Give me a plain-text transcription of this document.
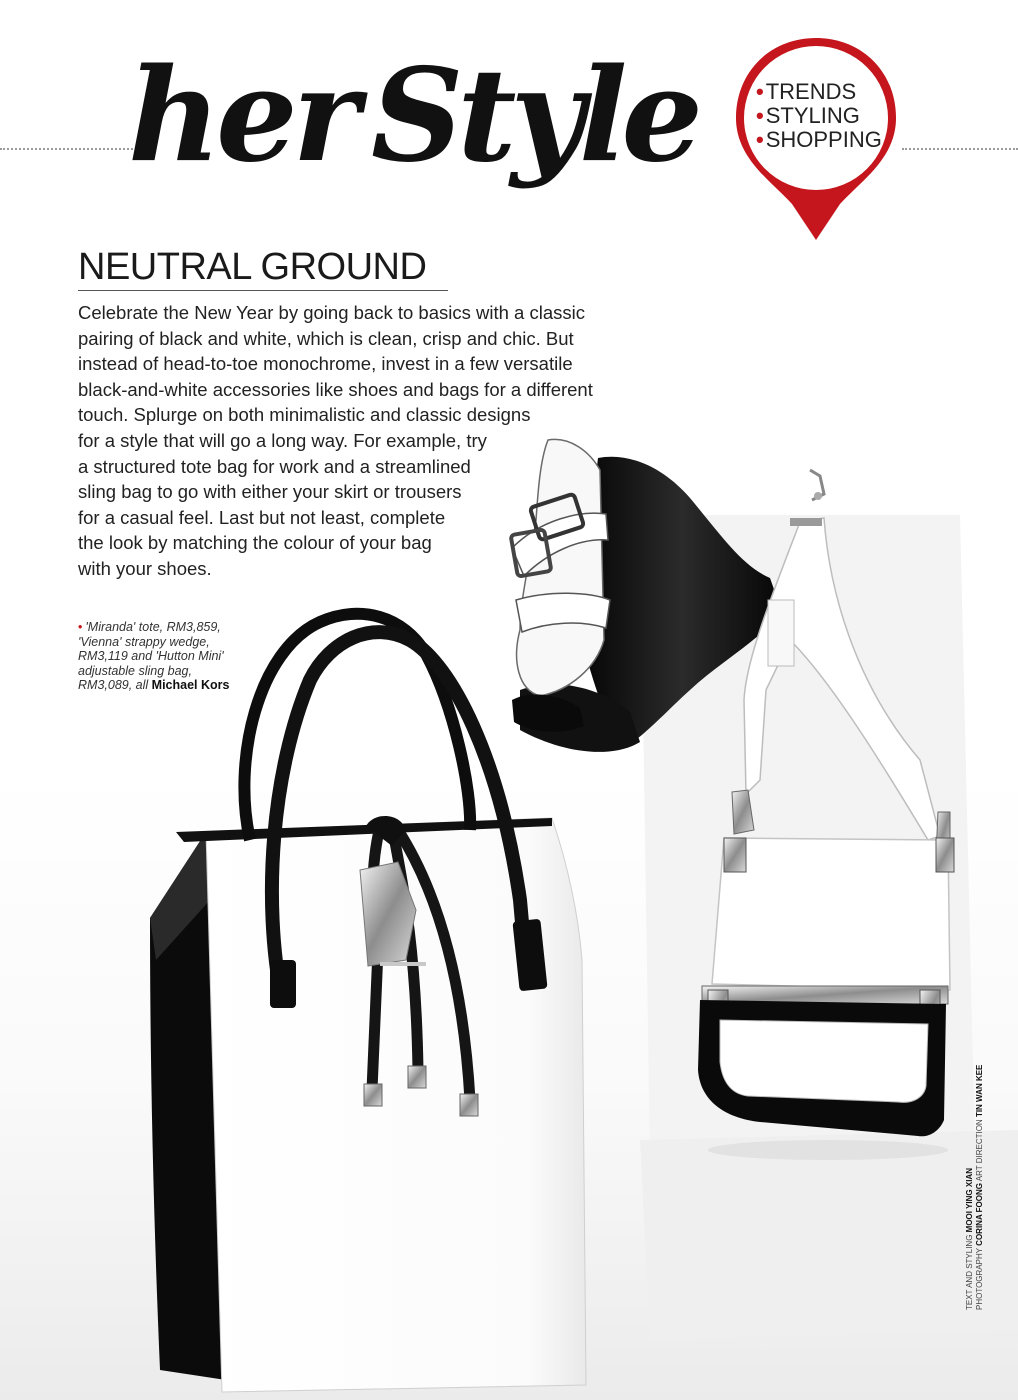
her Style	•TRENDS
•STYLING
•SHOPPING
NEUTRAL GROUND
Celebrate the New Year by going back to basics with a classic
pairing of black and white, which is clean, crisp and chic. But
instead of head-to-toe monochrome, invest in a few versatile
black-and-white accessories like shoes and bags for a different
touch. Splurge on both minimalistic and classic designs
for a style that will go a long way. For example, try
a structured tote bag for work and a streamlined
sling bag to go with either your skirt or trousers
for a casual feel. Last but not least, complete
the look by matching the colour of your bag
with your shoes.
• 'Miranda' tote, RM3,859,
'Vienna' strappy wedge,
RM3,119 and 'Hutton Mini'
adjustable sling bag,
RM3,089, all Michael Kors
TEXT AND STYLING MOOI YING XIAN
PHOTOGRAPHY CORINA FOONG ART DIRECTION TIN WAN KEE
